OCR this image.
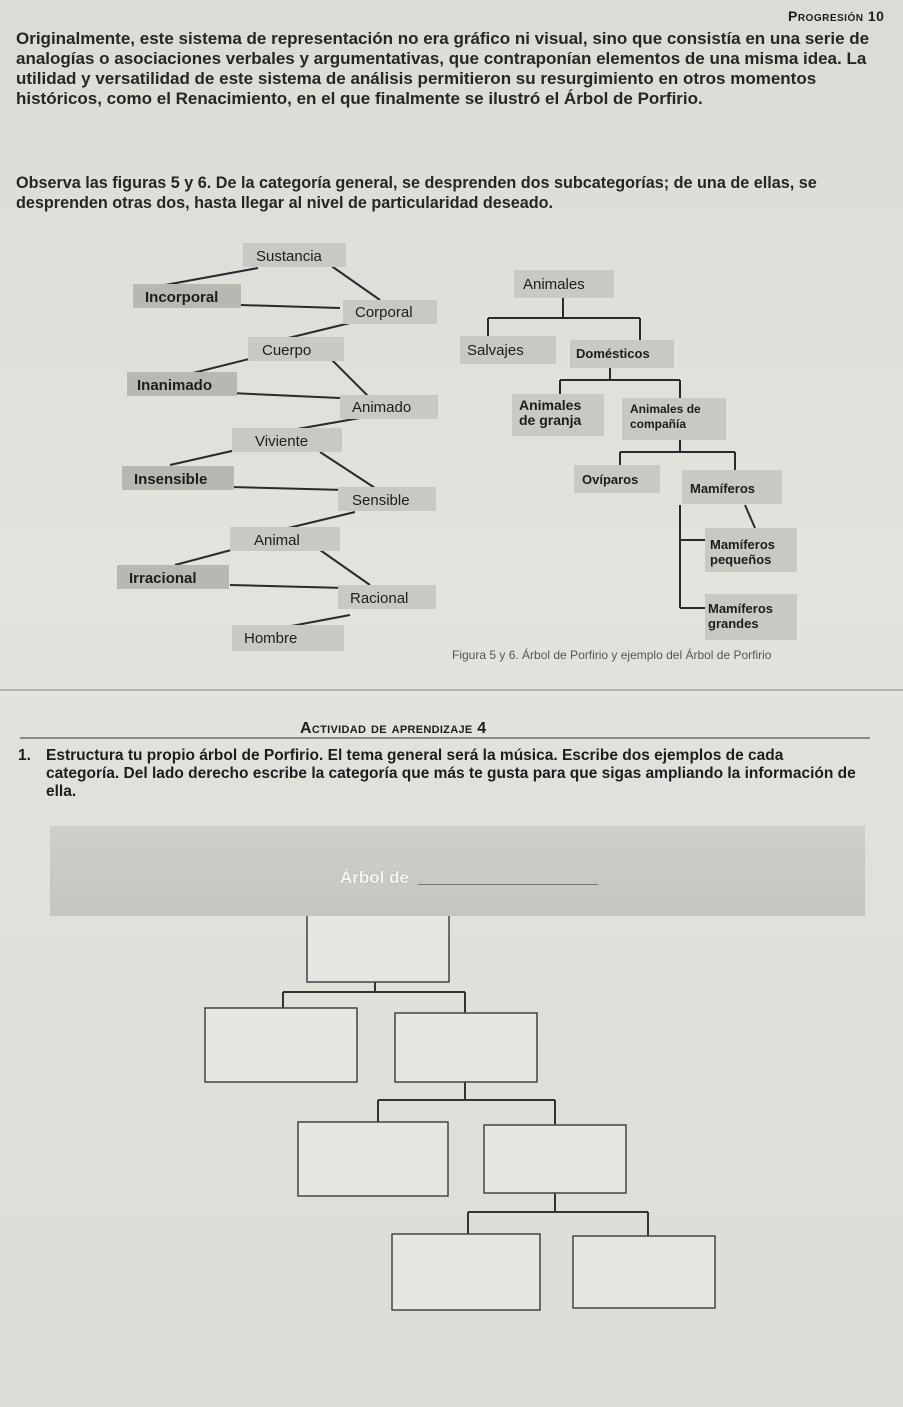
Progresión 10

Originalmente, este sistema de representación no era gráfico ni visual, sino que consistía en una serie de analogías o asociaciones verbales y argumentativas, que contraponían elementos de una misma idea. La utilidad y versatilidad de este sistema de análisis permitieron su resurgimiento en otros momentos históricos, como el Renacimiento, en el que finalmente se ilustró el Árbol de Porfirio.

Observa las figuras 5 y 6. De la categoría general, se desprenden dos subcategorías; de una de ellas, se desprenden otras dos, hasta llegar al nivel de particularidad deseado.

Sustancia
Incorporal
Corporal
Cuerpo
Inanimado
Animado
Viviente
Insensible
Sensible
Animal
Irracional
Racional
Hombre
Animales
Salvajes	Domésticos
Animales de granja
Animales de compañía
Ovíparos
Mamíferos
Mamíferos pequeños
Mamíferos grandes
Figura 5 y 6. Árbol de Porfirio y ejemplo del Árbol de Porfirio
Actividad de aprendizaje 4
1. Estructura tu propio árbol de Porfirio. El tema general será la música. Escribe dos ejemplos de cada categoría. Del lado derecho escribe la categoría que más te gusta para que sigas ampliando la información de ella.
Árbol de
